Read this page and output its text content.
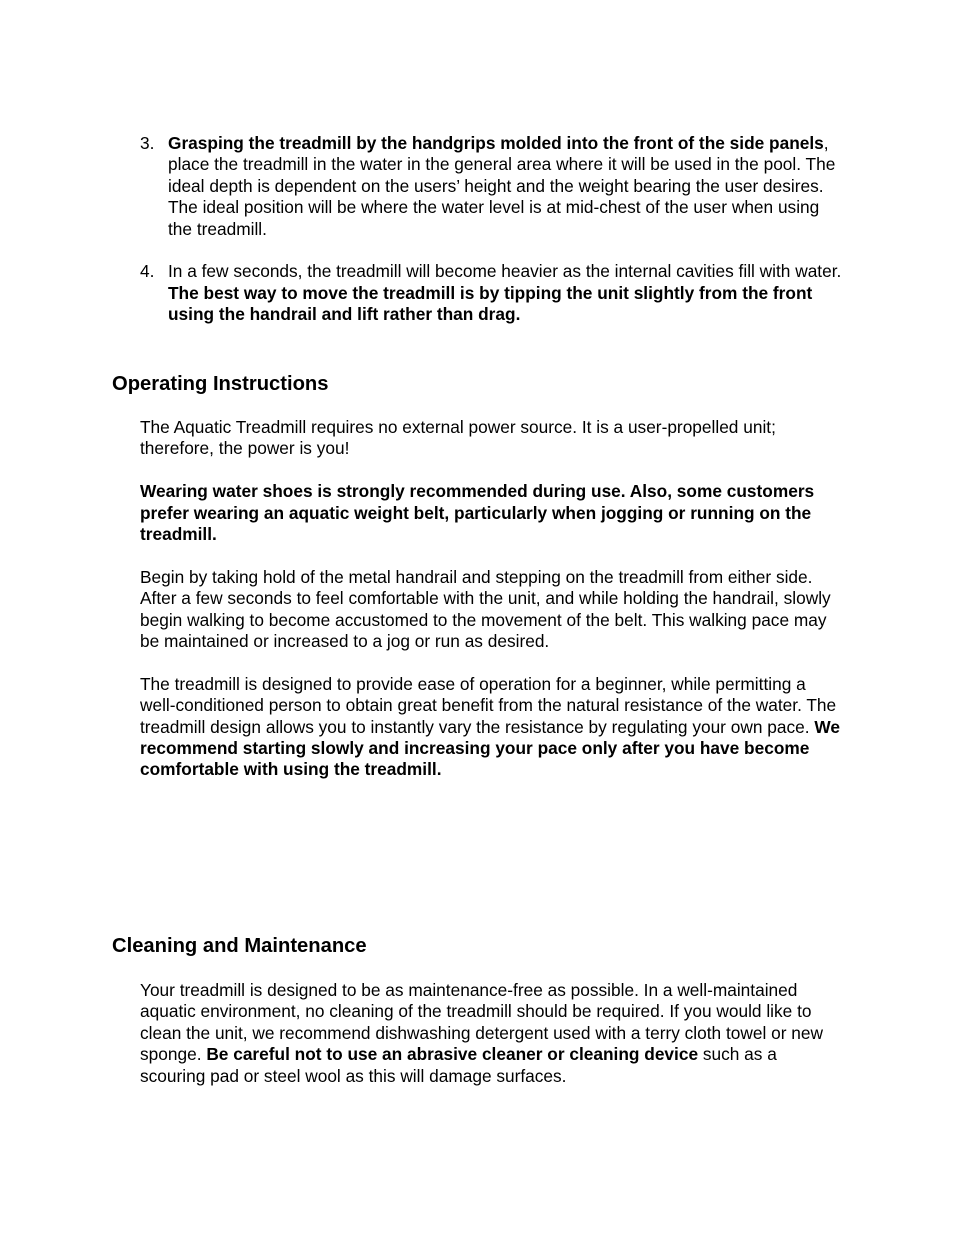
3. Grasping the treadmill by the handgrips molded into the front of the side panels, place the treadmill in the water in the general area where it will be used in the pool. The ideal depth is dependent on the users’ height and the weight bearing the user desires. The ideal position will be where the water level is at mid-chest of the user when using the treadmill.
4. In a few seconds, the treadmill will become heavier as the internal cavities fill with water. The best way to move the treadmill is by tipping the unit slightly from the front using the handrail and lift rather than drag.
Operating Instructions

The Aquatic Treadmill requires no external power source. It is a user-propelled unit; therefore, the power is you!

Wearing water shoes is strongly recommended during use. Also, some customers prefer wearing an aquatic weight belt, particularly when jogging or running on the treadmill.

Begin by taking hold of the metal handrail and stepping on the treadmill from either side. After a few seconds to feel comfortable with the unit, and while holding the handrail, slowly begin walking to become accustomed to the movement of the belt. This walking pace may be maintained or increased to a jog or run as desired.

The treadmill is designed to provide ease of operation for a beginner, while permitting a well-conditioned person to obtain great benefit from the natural resistance of the water. The treadmill design allows you to instantly vary the resistance by regulating your own pace. We recommend starting slowly and increasing your pace only after you have become comfortable with using the treadmill.

Cleaning and Maintenance

Your treadmill is designed to be as maintenance-free as possible. In a well-maintained aquatic environment, no cleaning of the treadmill should be required. If you would like to clean the unit, we recommend dishwashing detergent used with a terry cloth towel or new sponge. Be careful not to use an abrasive cleaner or cleaning device such as a scouring pad or steel wool as this will damage surfaces.
